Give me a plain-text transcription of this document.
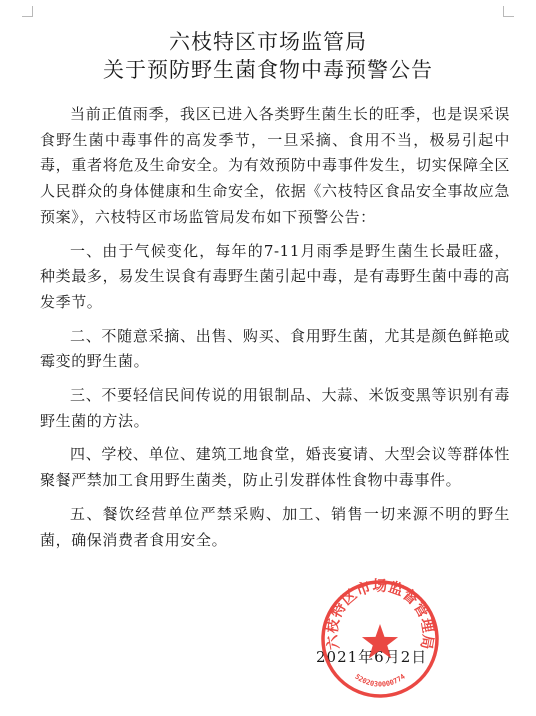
六枝特区市场监管局
关于预防野生菌食物中毒预警公告

当前正值雨季，我区已进入各类野生菌生长的旺季，也是误采误食野生菌中毒事件的高发季节，一旦采摘、食用不当，极易引起中毒，重者将危及生命安全。为有效预防中毒事件发生，切实保障全区人民群众的身体健康和生命安全，依据《六枝特区食品安全事故应急预案》，六枝特区市场监管局发布如下预警公告：

一、由于气候变化，每年的7-11月雨季是野生菌生长最旺盛，种类最多，易发生误食有毒野生菌引起中毒，是有毒野生菌中毒的高发季节。

二、不随意采摘、出售、购买、食用野生菌，尤其是颜色鲜艳或霉变的野生菌。

三、不要轻信民间传说的用银制品、大蒜、米饭变黑等识别有毒野生菌的方法。

四、学校、单位、建筑工地食堂，婚丧宴请、大型会议等群体性聚餐严禁加工食用野生菌类，防止引发群体性食物中毒事件。

五、餐饮经营单位严禁采购、加工、销售一切来源不明的野生菌，确保消费者食用安全。

2021年6月2日
六枝特区市场监督管理局
5202030000774
